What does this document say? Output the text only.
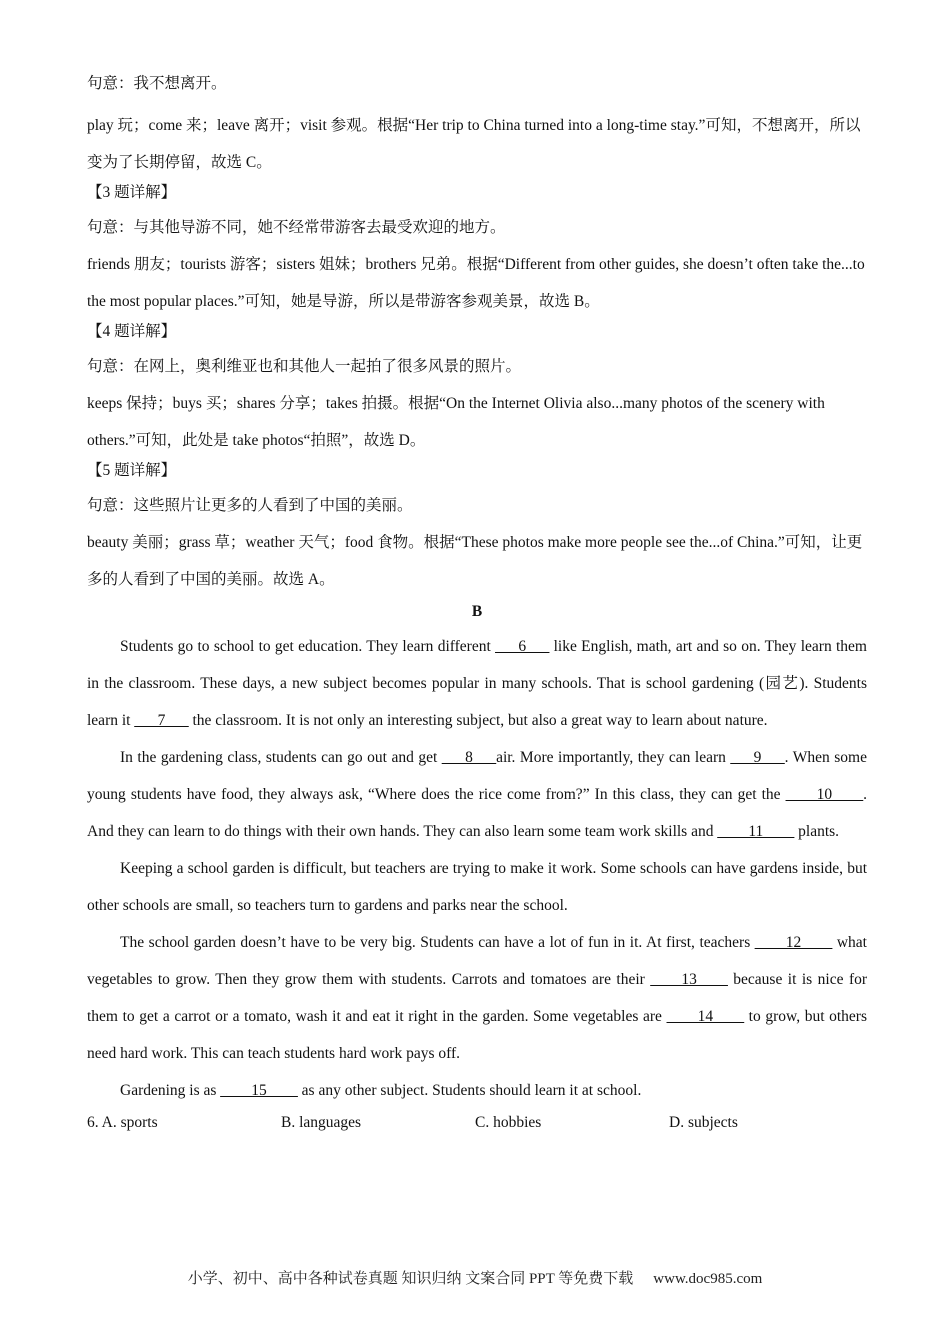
句意：我不想离开。

play 玩；come 来；leave 离开；visit 参观。根据“Her trip to China turned into a long-time stay.”可知，不想离开，所以变为了长期停留，故选 C。

【3 题详解】

句意：与其他导游不同，她不经常带游客去最受欢迎的地方。

friends 朋友；tourists 游客；sisters 姐妹；brothers 兄弟。根据“Different from other guides, she doesn’t often take the...to the most popular places.”可知，她是导游，所以是带游客参观美景，故选 B。

【4 题详解】

句意：在网上，奥利维亚也和其他人一起拍了很多风景的照片。

keeps 保持；buys 买；shares 分享；takes 拍摄。根据“On the Internet Olivia also...many photos of the scenery with others.”可知，此处是 take photos“拍照”，故选 D。

【5 题详解】

句意：这些照片让更多的人看到了中国的美丽。

beauty 美丽；grass 草；weather 天气；food 食物。根据“These photos make more people see the...of China.”可知，让更多的人看到了中国的美丽。故选 A。

B

Students go to school to get education. They learn different ___6___ like English, math, art and so on. They learn them in the classroom. These days, a new subject becomes popular in many schools. That is school gardening (园艺). Students learn it ___7___ the classroom. It is not only an interesting subject, but also a great way to learn about nature.

In the gardening class, students can go out and get ___8___air. More importantly, they can learn ___9___. When some young students have food, they always ask, “Where does the rice come from?” In this class, they can get the ____10____. And they can learn to do things with their own hands. They can also learn some team work skills and ____11____ plants.

Keeping a school garden is difficult, but teachers are trying to make it work. Some schools can have gardens inside, but other schools are small, so teachers turn to gardens and parks near the school.

The school garden doesn’t have to be very big. Students can have a lot of fun in it. At first, teachers ____12____ what vegetables to grow. Then they grow them with students. Carrots and tomatoes are their ____13____ because it is nice for them to get a carrot or a tomato, wash it and eat it right in the garden. Some vegetables are ____14____ to grow, but others need hard work. This can teach students hard work pays off.

Gardening is as ____15____ as any other subject. Students should learn it at school.

6. A. sports	B. languages	C. hobbies	D. subjects
小学、初中、高中各种试卷真题 知识归纳 文案合同 PPT 等免费下载 www.doc985.com
